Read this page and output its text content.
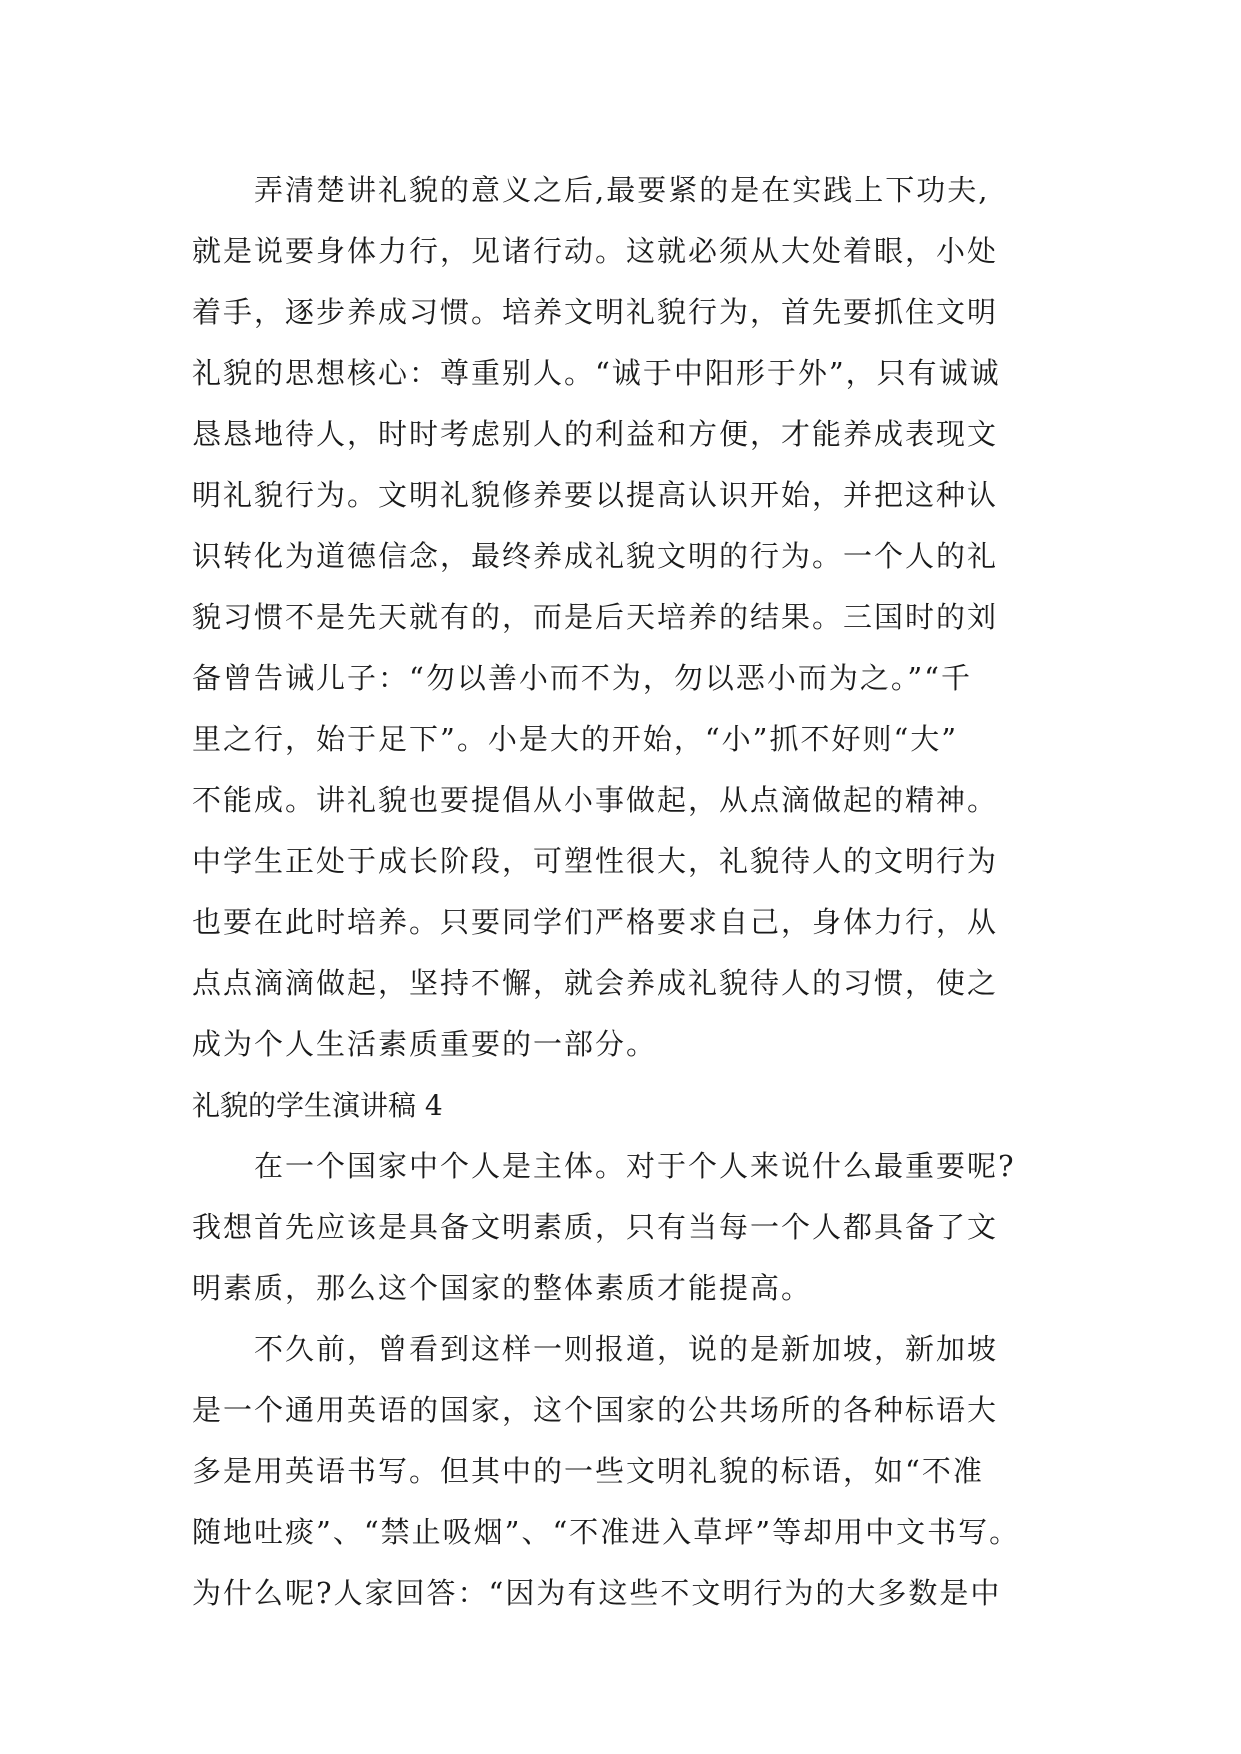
　　弄清楚讲礼貌的意义之后,最要紧的是在实践上下功夫,
就是说要身体力行，见诸行动。这就必须从大处着眼，小处
着手，逐步养成习惯。培养文明礼貌行为，首先要抓住文明
礼貌的思想核心：尊重别人。“诚于中阳形于外”，只有诚诚
恳恳地待人，时时考虑别人的利益和方便，才能养成表现文
明礼貌行为。文明礼貌修养要以提高认识开始，并把这种认
识转化为道德信念，最终养成礼貌文明的行为。一个人的礼
貌习惯不是先天就有的，而是后天培养的结果。三国时的刘
备曾告诫儿子：“勿以善小而不为，勿以恶小而为之。”“千
里之行，始于足下”。小是大的开始，“小”抓不好则“大”
不能成。讲礼貌也要提倡从小事做起，从点滴做起的精神。
中学生正处于成长阶段，可塑性很大，礼貌待人的文明行为
也要在此时培养。只要同学们严格要求自己，身体力行，从
点点滴滴做起，坚持不懈，就会养成礼貌待人的习惯，使之
成为个人生活素质重要的一部分。
礼貌的学生演讲稿 4
　　在一个国家中个人是主体。对于个人来说什么最重要呢?
我想首先应该是具备文明素质，只有当每一个人都具备了文
明素质，那么这个国家的整体素质才能提高。
　　不久前，曾看到这样一则报道，说的是新加坡，新加坡
是一个通用英语的国家，这个国家的公共场所的各种标语大
多是用英语书写。但其中的一些文明礼貌的标语，如“不准
随地吐痰”、“禁止吸烟”、“不准进入草坪”等却用中文书写。
为什么呢?人家回答：“因为有这些不文明行为的大多数是中
